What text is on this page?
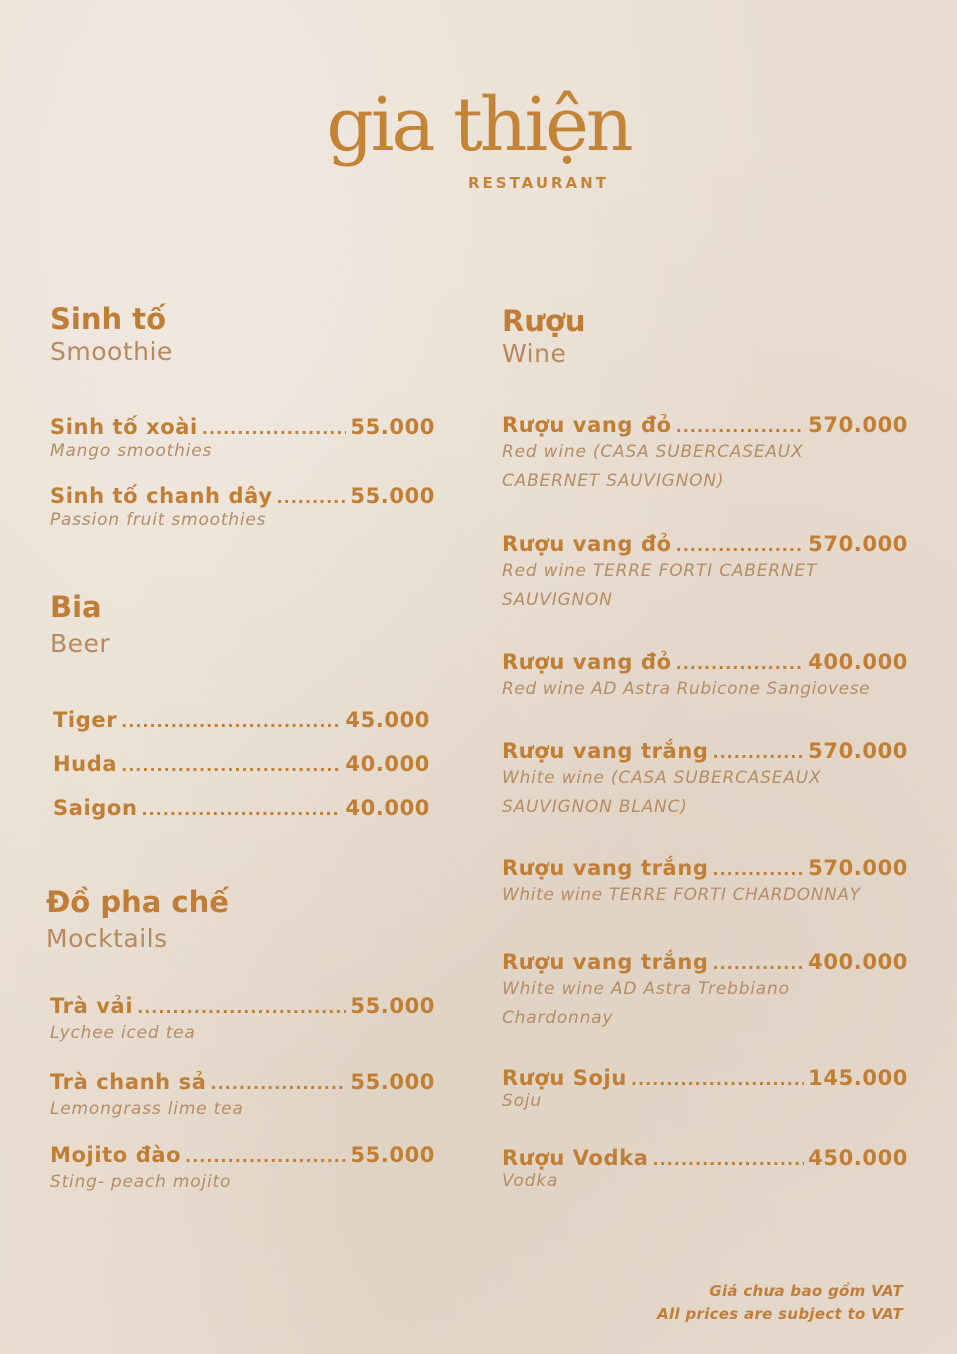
gia thiện
RESTAURANT
Sinh tố
Smoothie
Sinh tố xoài .....	55.000
Mango smoothies
Sinh tố chanh dây .....	55.000
Passion fruit smoothies
Bia
Beer
Tiger .....	45.000
Huda .....	40.000
Saigon .....	40.000
Đồ pha chế
Mocktails
Trà vải .....	55.000
Lychee iced tea
Trà chanh sả .....	55.000
Lemongrass lime tea
Mojito đào .....	55.000
Sting- peach mojito
Rượu
Wine
Rượu vang đỏ .....	570.000
Red wine (CASA SUBERCASEAUX CABERNET SAUVIGNON)
Rượu vang đỏ .....	570.000
Red wine TERRE FORTI CABERNET SAUVIGNON
Rượu vang đỏ .....	400.000
Red wine AD Astra Rubicone Sangiovese
Rượu vang trắng .....	570.000
White wine (CASA SUBERCASEAUX SAUVIGNON BLANC)
Rượu vang trắng .....	570.000
White wine TERRE FORTI CHARDONNAY
Rượu vang trắng .....	400.000
White wine AD Astra Trebbiano Chardonnay
Rượu Soju .....	145.000
Soju
Rượu Vodka .....	450.000
Vodka
Giá chưa bao gồm VAT
All prices are subject to VAT
